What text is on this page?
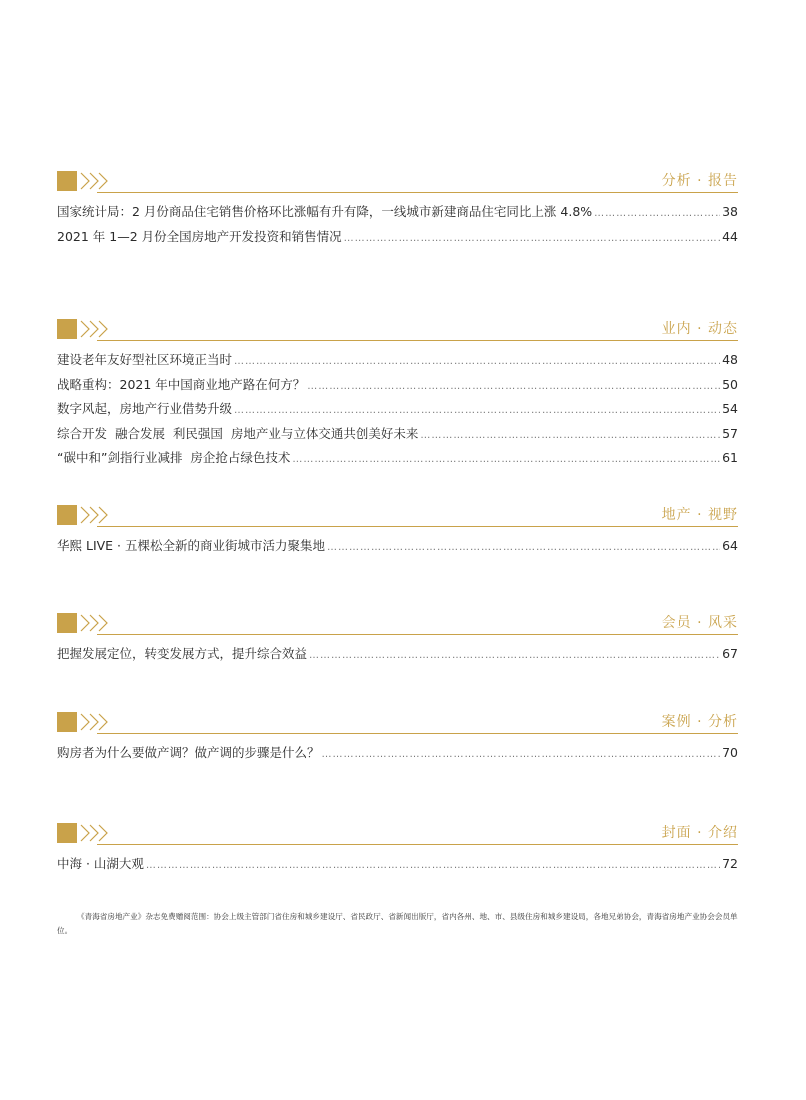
分析 · 报告
国家统计局：2 月份商品住宅销售价格环比涨幅有升有降，一线城市新建商品住宅同比上涨 4.8% …………………………………………………………………………………………………………………………………………………	38
2021 年 1—2 月份全国房地产开发投资和销售情况 …………………………………………………………………………………………………………………………………………………	44
业内 · 动态
建设老年友好型社区环境正当时 …………………………………………………………………………………………………………………………………………………	48
战略重构：2021 年中国商业地产路在何方？ …………………………………………………………………………………………………………………………………………………	50
数字风起，房地产行业借势升级 …………………………………………………………………………………………………………………………………………………	54
综合开发  融合发展  利民强国  房地产业与立体交通共创美好未来 …………………………………………………………………………………………………………………………………………………	57
“碳中和”剑指行业减排  房企抢占绿色技术 …………………………………………………………………………………………………………………………………………………	61
地产 · 视野
华熙 LIVE · 五棵松全新的商业街城市活力聚集地 …………………………………………………………………………………………………………………………………………………	64
会员 · 风采
把握发展定位，转变发展方式，提升综合效益 …………………………………………………………………………………………………………………………………………………	67
案例 · 分析
购房者为什么要做产调？做产调的步骤是什么？ …………………………………………………………………………………………………………………………………………………	70
封面 · 介绍
中海 · 山湖大观 …………………………………………………………………………………………………………………………………………………	72
《青海省房地产业》杂志免费赠阅范围：协会上级主管部门省住房和城乡建设厅、省民政厅、省新闻出版厅，省内各州、地、市、县级住房和城乡建设局，各地兄弟协会，青海省房地产业协会会员单位。
